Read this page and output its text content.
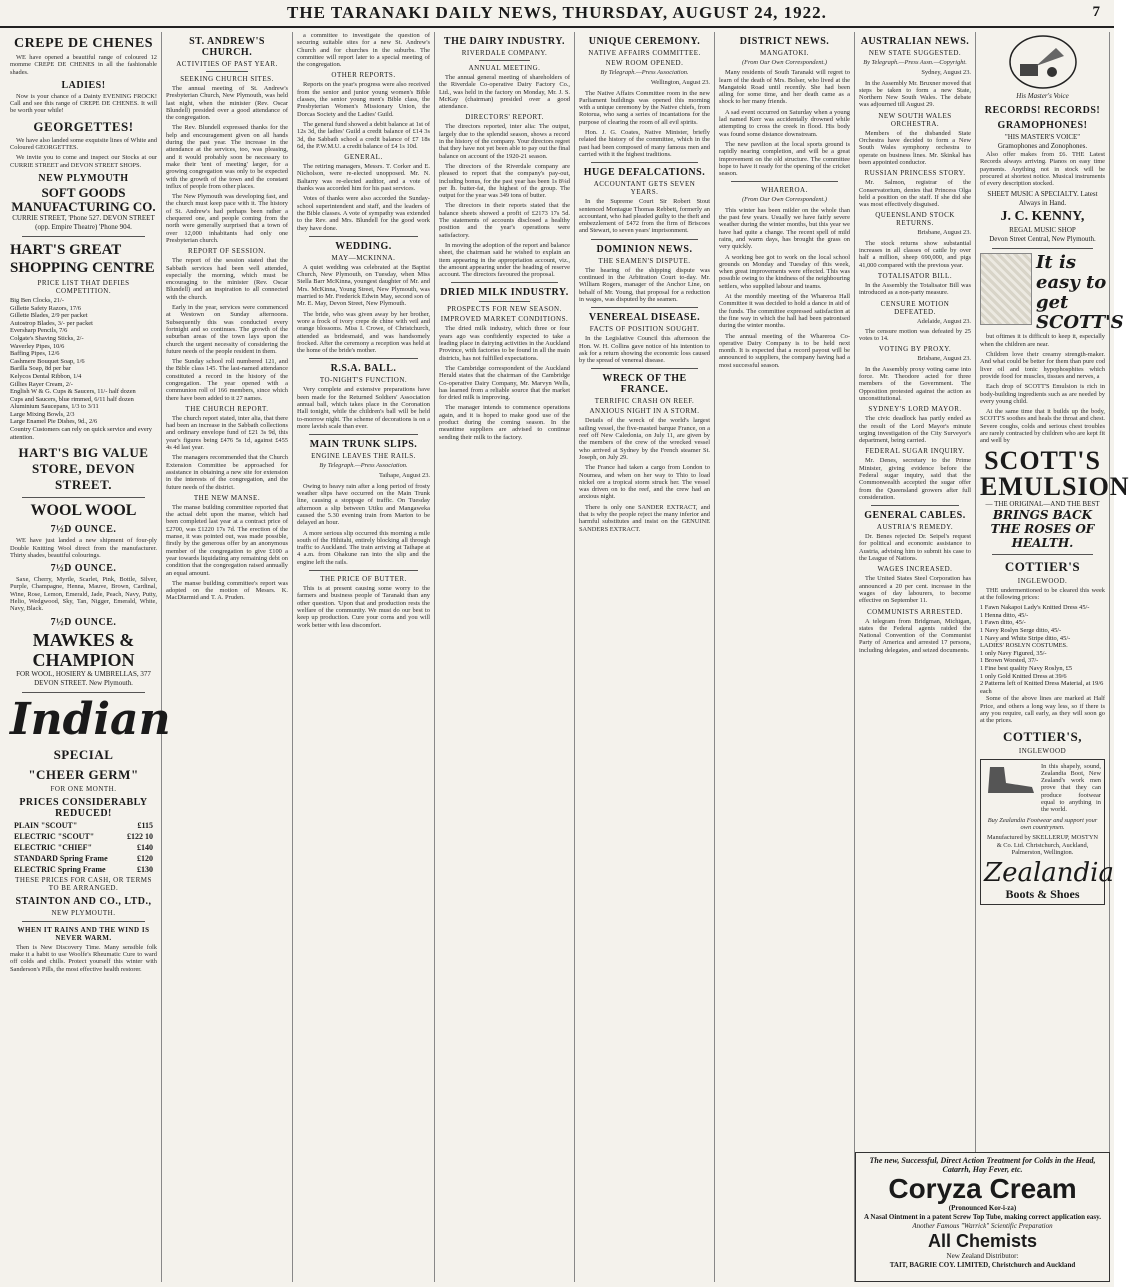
THE TARANAKI DAILY NEWS, THURSDAY, AUGUST 24, 1922.	7
CREPE DE CHENES

WE have opened a beautiful range of coloured 12 momme CREPE DE CHENES in all the fashionable shades.

LADIES!

Now is your chance of a Dainty EVENING FROCK! Call and see this range of CREPE DE CHENES. It will be worth your while!

GEORGETTES!

We have also landed some exquisite lines of White and Coloured GEORGETTES.

We invite you to come and inspect our Stocks at our CURRIE STREET and DEVON STREET SHOPS.

NEW PLYMOUTH
SOFT GOODS MANUFACTURING CO.
CURRIE STREET, 'Phone 527. DEVON STREET (opp. Empire Theatre) 'Phone 904.
HART'S GREAT SHOPPING CENTRE
PRICE LIST THAT DEFIES COMPETITION.
Big Ben Clocks, 21/-
Gillette Safety Razors, 17/6
Gillette Blades, 2/9 per packet
Autostrop Blades, 3/- per packet
Eversharp Pencils, 7/6
Colgate's Shaving Sticks, 2/-
Waverley Pipes, 10/6
Baffing Pipes, 12/6
Cashmere Bouquet Soap, 1/6
Barilla Soap, 8d per bar
Kelycos Dental Ribbon, 1/4
Gillies Rayer Cream, 2/-
English W & G. Cups & Saucers, 11/- half dozen
Cups and Saucers, blue rimmed, 6/11 half dozen
Aluminium Saucepans, 1/3 to 3/11
Large Mixing Bowls, 2/3
Large Enamel Pie Dishes, 9d., 2/6
Country Customers can rely on quick service and every attention.
HART'S BIG VALUE STORE, DEVON STREET.
WOOL WOOL
7½D OUNCE.

WE have just landed a new shipment of four-ply Double Knitting Wool direct from the manufacturer. Thirty shades, beautiful colourings.

7½D OUNCE.

Saxe, Cherry, Myrtle, Scarlet, Pink, Bottle, Silver, Purple, Champagne, Henna, Mauve, Brown, Cardinal, Wine, Rose, Lemon, Emerald, Jade, Peach, Navy, Putty, Helio, Wedgwood, Sky, Tan, Nigger, Emerald, White, Navy, Black.

7½D OUNCE.
MAWKES & CHAMPION
FOR WOOL, HOSIERY & UMBRELLAS, 377 DEVON STREET. New Plymouth.
Indian
SPECIAL
"CHEER GERM"
FOR ONE MONTH.
PRICES CONSIDERABLY REDUCED!
PLAIN "SCOUT"	£115
ELECTRIC "SCOUT"	£122 10
ELECTRIC "CHIEF"	£140
STANDARD Spring Frame	£120
ELECTRIC Spring Frame	£130
THESE PRICES FOR CASH, OR TERMS TO BE ARRANGED.
STAINTON AND CO., LTD.,
NEW PLYMOUTH.
WHEN IT RAINS AND THE WIND IS NEVER WARM.

Then is New Discovery Time. Many sensible folk make it a habit to use Woolfe's Rheumatic Cure to ward off colds and chills. Protect yourself this winter with Sanderson's Pills, the most effective health restorer.

ST. ANDREW'S CHURCH.
ACTIVITIES OF PAST YEAR.
SEEKING CHURCH SITES.

The annual meeting of St. Andrew's Presbyterian Church, New Plymouth, was held last night, when the minister (Rev. Oscar Blundell) presided over a good attendance of the congregation.

The Rev. Blundell expressed thanks for the help and encouragement given on all hands during the past year. The increase in the attendance at the services, too, was pleasing, and it would probably soon be necessary to make their 'tent of meeting' larger, for a growing congregation was only to be expected with the growth of the town and the constant influx of people from other places.

The New Plymouth was developing fast, and the church must keep pace with it. The history of St. Andrew's had perhaps been rather a chequered one, and people coming from the north were generally surprised that a town of over 12,000 inhabitants had only one Presbyterian church.

REPORT OF SESSION.

The report of the session stated that the Sabbath services had been well attended, especially the morning, which must be encouraging to the minister (Rev. Oscar Blundell) and an inspiration to all connected with the church.

Early in the year, services were commenced at Westown on Sunday afternoons. Subsequently this was conducted every fortnight and so continues. The growth of the suburban areas of the town lays upon the church the urgent necessity of considering the future needs of the people resident in them.

The Sunday school roll numbered 121, and the Bible class 145. The last-named attendance constituted a record in the history of the congregation. The year opened with a communion roll of 166 members, since which there have been added to it 27 names.

THE CHURCH REPORT.

The church report stated, inter alia, that there had been an increase in the Sabbath collections and ordinary envelope fund of £21 3s 9d, this year's figures being £476 5s 1d, against £455 4s 4d last year.

The managers recommended that the Church Extension Committee be approached for assistance in obtaining a new site for extension in the interests of the congregation, and the future needs of the district.

THE NEW MANSE.

The manse building committee reported that the actual debt upon the manse, which had been completed last year at a contract price of £2700, was £1220 17s 7d. The erection of the manse, it was pointed out, was made possible, firstly by the generous offer by an anonymous member of the congregation to give £100 a year towards liquidating any remaining debt on condition that the congregation raised annually an equal amount.

The manse building committee's report was adopted on the motion of Messrs. K. MacDiarmid and T. A. Pruden.

a committee to investigate the question of securing suitable sites for a new St. Andrew's Church and for churches in the suburbs. The committee will report later to a special meeting of the congregation.

OTHER REPORTS.

Reports on the year's progress were also received from the senior and junior young women's Bible classes, the senior young men's Bible class, the Presbyterian Women's Missionary Union, the Dorcas Society and the Ladies' Guild.

The general fund showed a debit balance at 1st of 12s 3d, the ladies' Guild a credit balance of £14 3s 3d, the Sabbath school a credit balance of £7 18s 6d, the P.W.M.U. a credit balance of £4 1s 10d.

GENERAL.

The retiring managers, Messrs. T. Corker and E. Nicholson, were re-elected unopposed. Mr. N. Baltarry was re-elected auditor, and a vote of thanks was accorded him for his past services.

Votes of thanks were also accorded the Sunday-school superintendent and staff, and the leaders of the Bible classes. A vote of sympathy was extended to the Rev. and Mrs. Blundell for the good work they have done.

WEDDING.
MAY—MCKINNA.

A quiet wedding was celebrated at the Baptist Church, New Plymouth, on Tuesday, when Miss Stella Barr McKinna, youngest daughter of Mr. and Mrs. McKinna, Young Street, New Plymouth, was married to Mr. Frederick Edwin May, second son of Mr. E. May, Devon Street, New Plymouth.

The bride, who was given away by her brother, wore a frock of ivory crepe de chine with veil and orange blossoms. Miss I. Crowe, of Christchurch, attended as bridesmaid, and was handsomely frocked. After the ceremony a reception was held at the home of the bride's mother.

R.S.A. BALL.
TO-NIGHT'S FUNCTION.

Very complete and extensive preparations have been made for the Returned Soldiers' Association annual ball, which takes place in the Coronation Hall tonight, while the children's ball will be held to-morrow night. The scheme of decorations is on a more lavish scale than ever.

MAIN TRUNK SLIPS.
ENGINE LEAVES THE RAILS.

By Telegraph.—Press Association.

Taihape, August 23.

Owing to heavy rain after a long period of frosty weather slips have occurred on the Main Trunk line, causing a stoppage of traffic. On Tuesday afternoon a slip between Utiku and Mangaweka caused the 5.30 evening train from Marton to be delayed an hour.

A more serious slip occurred this morning a mile south of the Hihitahi, entirely blocking all through traffic to Auckland. The train arriving at Taihape at 4 a.m. from Ohakune ran into the slip and the engine left the rails.

THE PRICE OF BUTTER.

This is at present causing some worry to the farmers and business people of Taranaki than any other question. 'Upon that and production rests the welfare of the community. We must do our best to keep up production. Cure your corns and you will work better with less discomfort.

THE DAIRY INDUSTRY.
RIVERDALE COMPANY.
ANNUAL MEETING.

The annual general meeting of shareholders of the Riverdale Co-operative Dairy Factory Co., Ltd., was held in the factory on Monday, Mr. J. S. McKay (chairman) presided over a good attendance.

DIRECTORS' REPORT.

The directors reported, inter alia: The output, largely due to the splendid season, shows a record in the history of the company. Your directors regret that they have not yet been able to pay out the final balance on account of the 1920-21 season.

The directors of the Riverdale company are pleased to report that the company's pay-out, including bonus, for the past year has been 1s 8¼d per lb. butter-fat, the highest of the group. The output for the year was 349 tons of butter.

The directors in their reports stated that the balance sheets showed a profit of £2173 17s 5d. The statements of accounts disclosed a healthy position and the year's operations were satisfactory.

In moving the adoption of the report and balance sheet, the chairman said he wished to explain an item appearing in the appropriation account, viz., the amount appearing under the heading of reserve account. The directors favoured the proposal.

DRIED MILK INDUSTRY.
PROSPECTS FOR NEW SEASON.
IMPROVED MARKET CONDITIONS.

The dried milk industry, which three or four years ago was confidently expected to take a leading place in dairying activities in the Auckland Province, with factories to be found in all the main districts, has not fulfilled expectations.

The Cambridge correspondent of the Auckland Herald states that the chairman of the Cambridge Co-operative Dairy Company, Mr. Marvyn Wells, has learned from a reliable source that the market for dried milk is improving.

The manager intends to commence operations again, and it is hoped to make good use of the product during the coming season. In the meantime suppliers are advised to continue sending their milk to the factory.

UNIQUE CEREMONY.
NATIVE AFFAIRS COMMITTEE.
NEW ROOM OPENED.

By Telegraph.—Press Association.

Wellington, August 23.

The Native Affairs Committee room in the new Parliament buildings was opened this morning with a unique ceremony by the Native chiefs, from Rotorua, who sang a series of incantations for the purpose of clearing the room of all evil spirits.

Hon. J. G. Coates, Native Minister, briefly related the history of the committee, which in the past had been composed of many famous men and carried with it the highest traditions.

HUGE DEFALCATIONS.
ACCOUNTANT GETS SEVEN YEARS.

In the Supreme Court Sir Robert Stout sentenced Montague Thomas Rebbett, formerly an accountant, who had pleaded guilty to the theft and embezzlement of £472 from the firm of Briscoes and Stewart, to seven years' imprisonment.

DOMINION NEWS.
THE SEAMEN'S DISPUTE.

The hearing of the shipping dispute was continued in the Arbitration Court to-day. Mr. William Rogers, manager of the Anchor Line, on behalf of Mr. Young, that proposal for a reduction in wages, was disputed by the seamen.

VENEREAL DISEASE.
FACTS OF POSITION SOUGHT.

In the Legislative Council this afternoon the Hon. W. H. Collins gave notice of his intention to ask for a return showing the economic loss caused by the spread of venereal disease.

WRECK OF THE FRANCE.
TERRIFIC CRASH ON REEF.
ANXIOUS NIGHT IN A STORM.

Details of the wreck of the world's largest sailing vessel, the five-masted barque France, on a reef off New Caledonia, on July 11, are given by the members of the crew of the wrecked vessel who arrived at Sydney by the French steamer St. Joseph, on July 29.

The France had taken a cargo from London to Noumea, and when on her way to Thio to load nickel ore a tropical storm struck her. The vessel was driven on to the reef, and the crew had an anxious night.

There is only one SANDER EXTRACT, and that is why the people reject the many inferior and harmful substitutes and insist on the GENUINE SANDERS EXTRACT.

DISTRICT NEWS.
MANGATOKI.

(From Our Own Correspondent.)

Many residents of South Taranaki will regret to learn of the death of Mrs. Bolser, who lived at the Mangatoki Road until recently. She had been ailing for some time, and her death came as a shock to her many friends.

A sad event occurred on Saturday when a young lad named Kerr was accidentally drowned while attempting to cross the creek in flood. His body was found some distance downstream.

The new pavilion at the local sports ground is rapidly nearing completion, and will be a great improvement on the old structure. The committee hope to have it ready for the opening of the cricket season.

WHAREROA.

(From Our Own Correspondent.)

This winter has been milder on the whole than the past few years. Usually we have fairly severe weather during the winter months, but this year we have had quite a change. The recent spell of mild rains, and warm days, has brought the grass on very quickly.

A working bee got to work on the local school grounds on Monday and Tuesday of this week, when great improvements were effected. This was possible owing to the kindness of the neighbouring settlers, who supplied labour and teams.

At the monthly meeting of the Whareroa Hall Committee it was decided to hold a dance in aid of the funds. The committee expressed satisfaction at the fine way in which the hall had been patronised during the winter months.

The annual meeting of the Whareroa Co-operative Dairy Company is to be held next month. It is expected that a record payout will be announced to suppliers, the company having had a most successful season.

AUSTRALIAN NEWS.
NEW STATE SUGGESTED.

By Telegraph.—Press Assn.—Copyright.

Sydney, August 23.

In the Assembly Mr. Bruxner moved that steps be taken to form a new State, Northern New South Wales. The debate was adjourned till August 29.

NEW SOUTH WALES ORCHESTRA.

Members of the disbanded State Orchestra have decided to form a New South Wales symphony orchestra to operate on business lines. Mr. Skinkal has been appointed conductor.

RUSSIAN PRINCESS STORY.

Mr. Salmon, registrar of the Conservatorium, denies that Princess Olga held a position on the staff. If she did she was most effectively disguised.

QUEENSLAND STOCK RETURNS.

Brisbane, August 23.

The stock returns show substantial increases in all classes of cattle by over half a million, sheep 690,000, and pigs 41,000 compared with the previous year.

TOTALISATOR BILL.

In the Assembly the Totalisator Bill was introduced as a non-party measure.

CENSURE MOTION DEFEATED.

Adelaide, August 23.

The censure motion was defeated by 25 votes to 14.

VOTING BY PROXY.

Brisbane, August 23.

In the Assembly proxy voting came into force. Mr. Theodore acted for three members of the Government. The Opposition protested against the action as unconstitutional.

SYDNEY'S LORD MAYOR.

The civic deadlock has partly ended as the result of the Lord Mayor's minute urging investigation of the City Surveyor's department, being carried.

FEDERAL SUGAR INQUIRY.

Mr. Denes, secretary to the Prime Minister, giving evidence before the Federal sugar inquiry, said that the Commonwealth accepted the sugar offer from the Queensland growers after full consideration.

GENERAL CABLES.
AUSTRIA'S REMEDY.

Dr. Benes rejected Dr. Seipel's request for political and economic assistance to Austria, advising him to submit his case to the League of Nations.

WAGES INCREASED.

The United States Steel Corporation has announced a 20 per cent. increase in the wages of day labourers, to become effective on September 11.

COMMUNISTS ARRESTED.

A telegram from Bridgman, Michigan, states the Federal agents raided the National Convention of the Communist Party of America and arrested 17 persons, including delegates, and seized documents.

His Master's Voice
RECORDS! RECORDS!
GRAMOPHONES!
"HIS MASTER'S VOICE"
Gramophones and Zonophones.

Also offer makes from £6. THE Latest Records always arriving. Pianos on easy time payments. Anything not in stock will be procured at shortest notice. Musical instruments of every description stocked.

SHEET MUSIC A SPECIALTY. Latest Always in Hand.
J. C. KENNY,
REGAL MUSIC SHOP
Devon Street Central, New Plymouth.
It is easy to get SCOTT'S

but oftimes it is difficult to keep it, especially when the children are near.

Children love their creamy strength-maker. And what could be better for them than pure cod liver oil and tonic hypophosphites which provide food for muscles, tissues and nerves, a

Each drop of SCOTT'S Emulsion is rich in body-building ingredients such as are needed by every young child.

At the same time that it builds up the body, SCOTT'S soothes and heals the throat and chest. Severe coughs, colds and serious chest troubles are rarely contracted by children who are kept fit and well by

SCOTT'S
EMULSION
— THE ORIGINAL—AND THE BEST
BRINGS BACK THE ROSES OF HEALTH.
COTTIER'S
INGLEWOOD.

THE undermentioned to be cleared this week at the following prices:

1 Fawn Nakapoi Lady's Knitted Dress 45/-
1 Henna ditto, 45/-
1 Fawn ditto, 45/-
1 Navy Roslyn Serge ditto, 45/-
1 Navy and White Stripe ditto, 45/-
LADIES' ROSLYN COSTUMES.
1 only Navy Figured, 35/-
1 Brown Worsted, 37/-
1 Fine best quality Navy Roslyn, £5
1 only Gold Knitted Dress at 39/6
2 Patterns left of Knitted Dress Material, at 19/6 each

Some of the above lines are marked at Half Price, and others a long way less, so if there is any you require, call early, as they will soon go at the prices.

COTTIER'S,
INGLEWOOD

In this shapely, sound, Zealandia Boot, New Zealand's work men prove that they can produce footwear equal to anything in the world.

Buy Zealandia Footwear and support your own countrymen.

Manufactured by SKELLERUP, MOSTYN & Co. Ltd. Christchurch, Auckland, Palmerston, Wellington.

Zealandia
Boots & Shoes
The new, Successful, Direct Action Treatment for Colds in the Head, Catarrh, Hay Fever, etc.
Coryza Cream
(Pronounced Kor-i-za)
A Nasal Ointment in a patent Screw Top Tube, making correct application easy.
Another Famous "Warrick" Scientific Preparation
All Chemists
New Zealand Distributor:
TAIT, BAGRIE COY. LIMITED, Christchurch and Auckland
